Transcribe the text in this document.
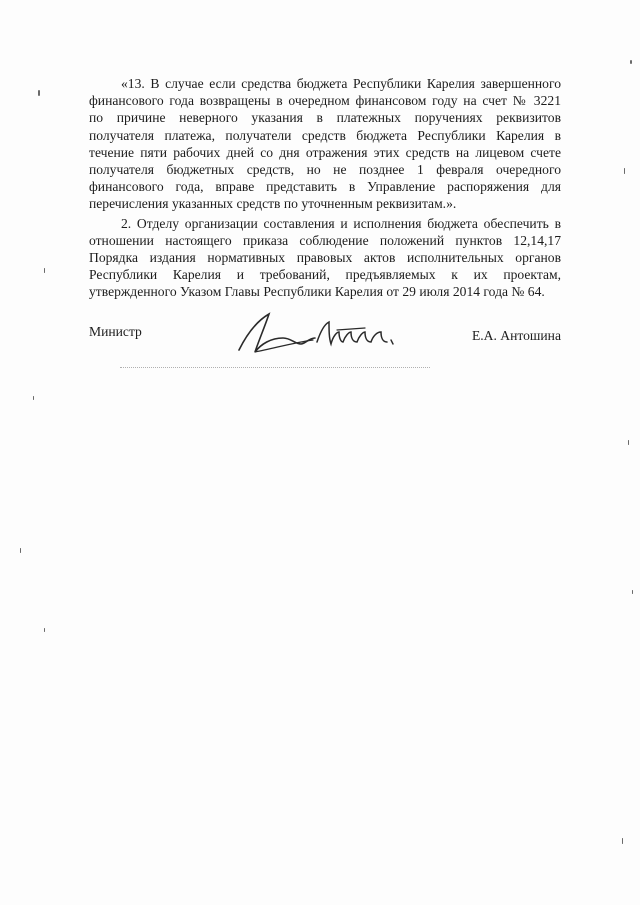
«13. В случае если средства бюджета Республики Карелия завершенного
финансового года возвращены в очередном финансовом году на счет № 3221
по причине неверного указания в платежных поручениях реквизитов
получателя платежа, получатели средств бюджета Республики Карелия в
течение пяти рабочих дней со дня отражения этих средств на лицевом счете
получателя бюджетных средств, но не позднее 1 февраля очередного
финансового года, вправе представить в Управление распоряжения для
перечисления указанных средств по уточненным реквизитам.».
2. Отделу организации составления и исполнения бюджета обеспечить в
отношении настоящего приказа соблюдение положений пунктов 12,14,17
Порядка издания нормативных правовых актов исполнительных органов
Республики Карелия и требований, предъявляемых к их проектам,
утвержденного Указом Главы Республики Карелия от 29 июля 2014 года № 64.
Министр	Е.А. Антошина
